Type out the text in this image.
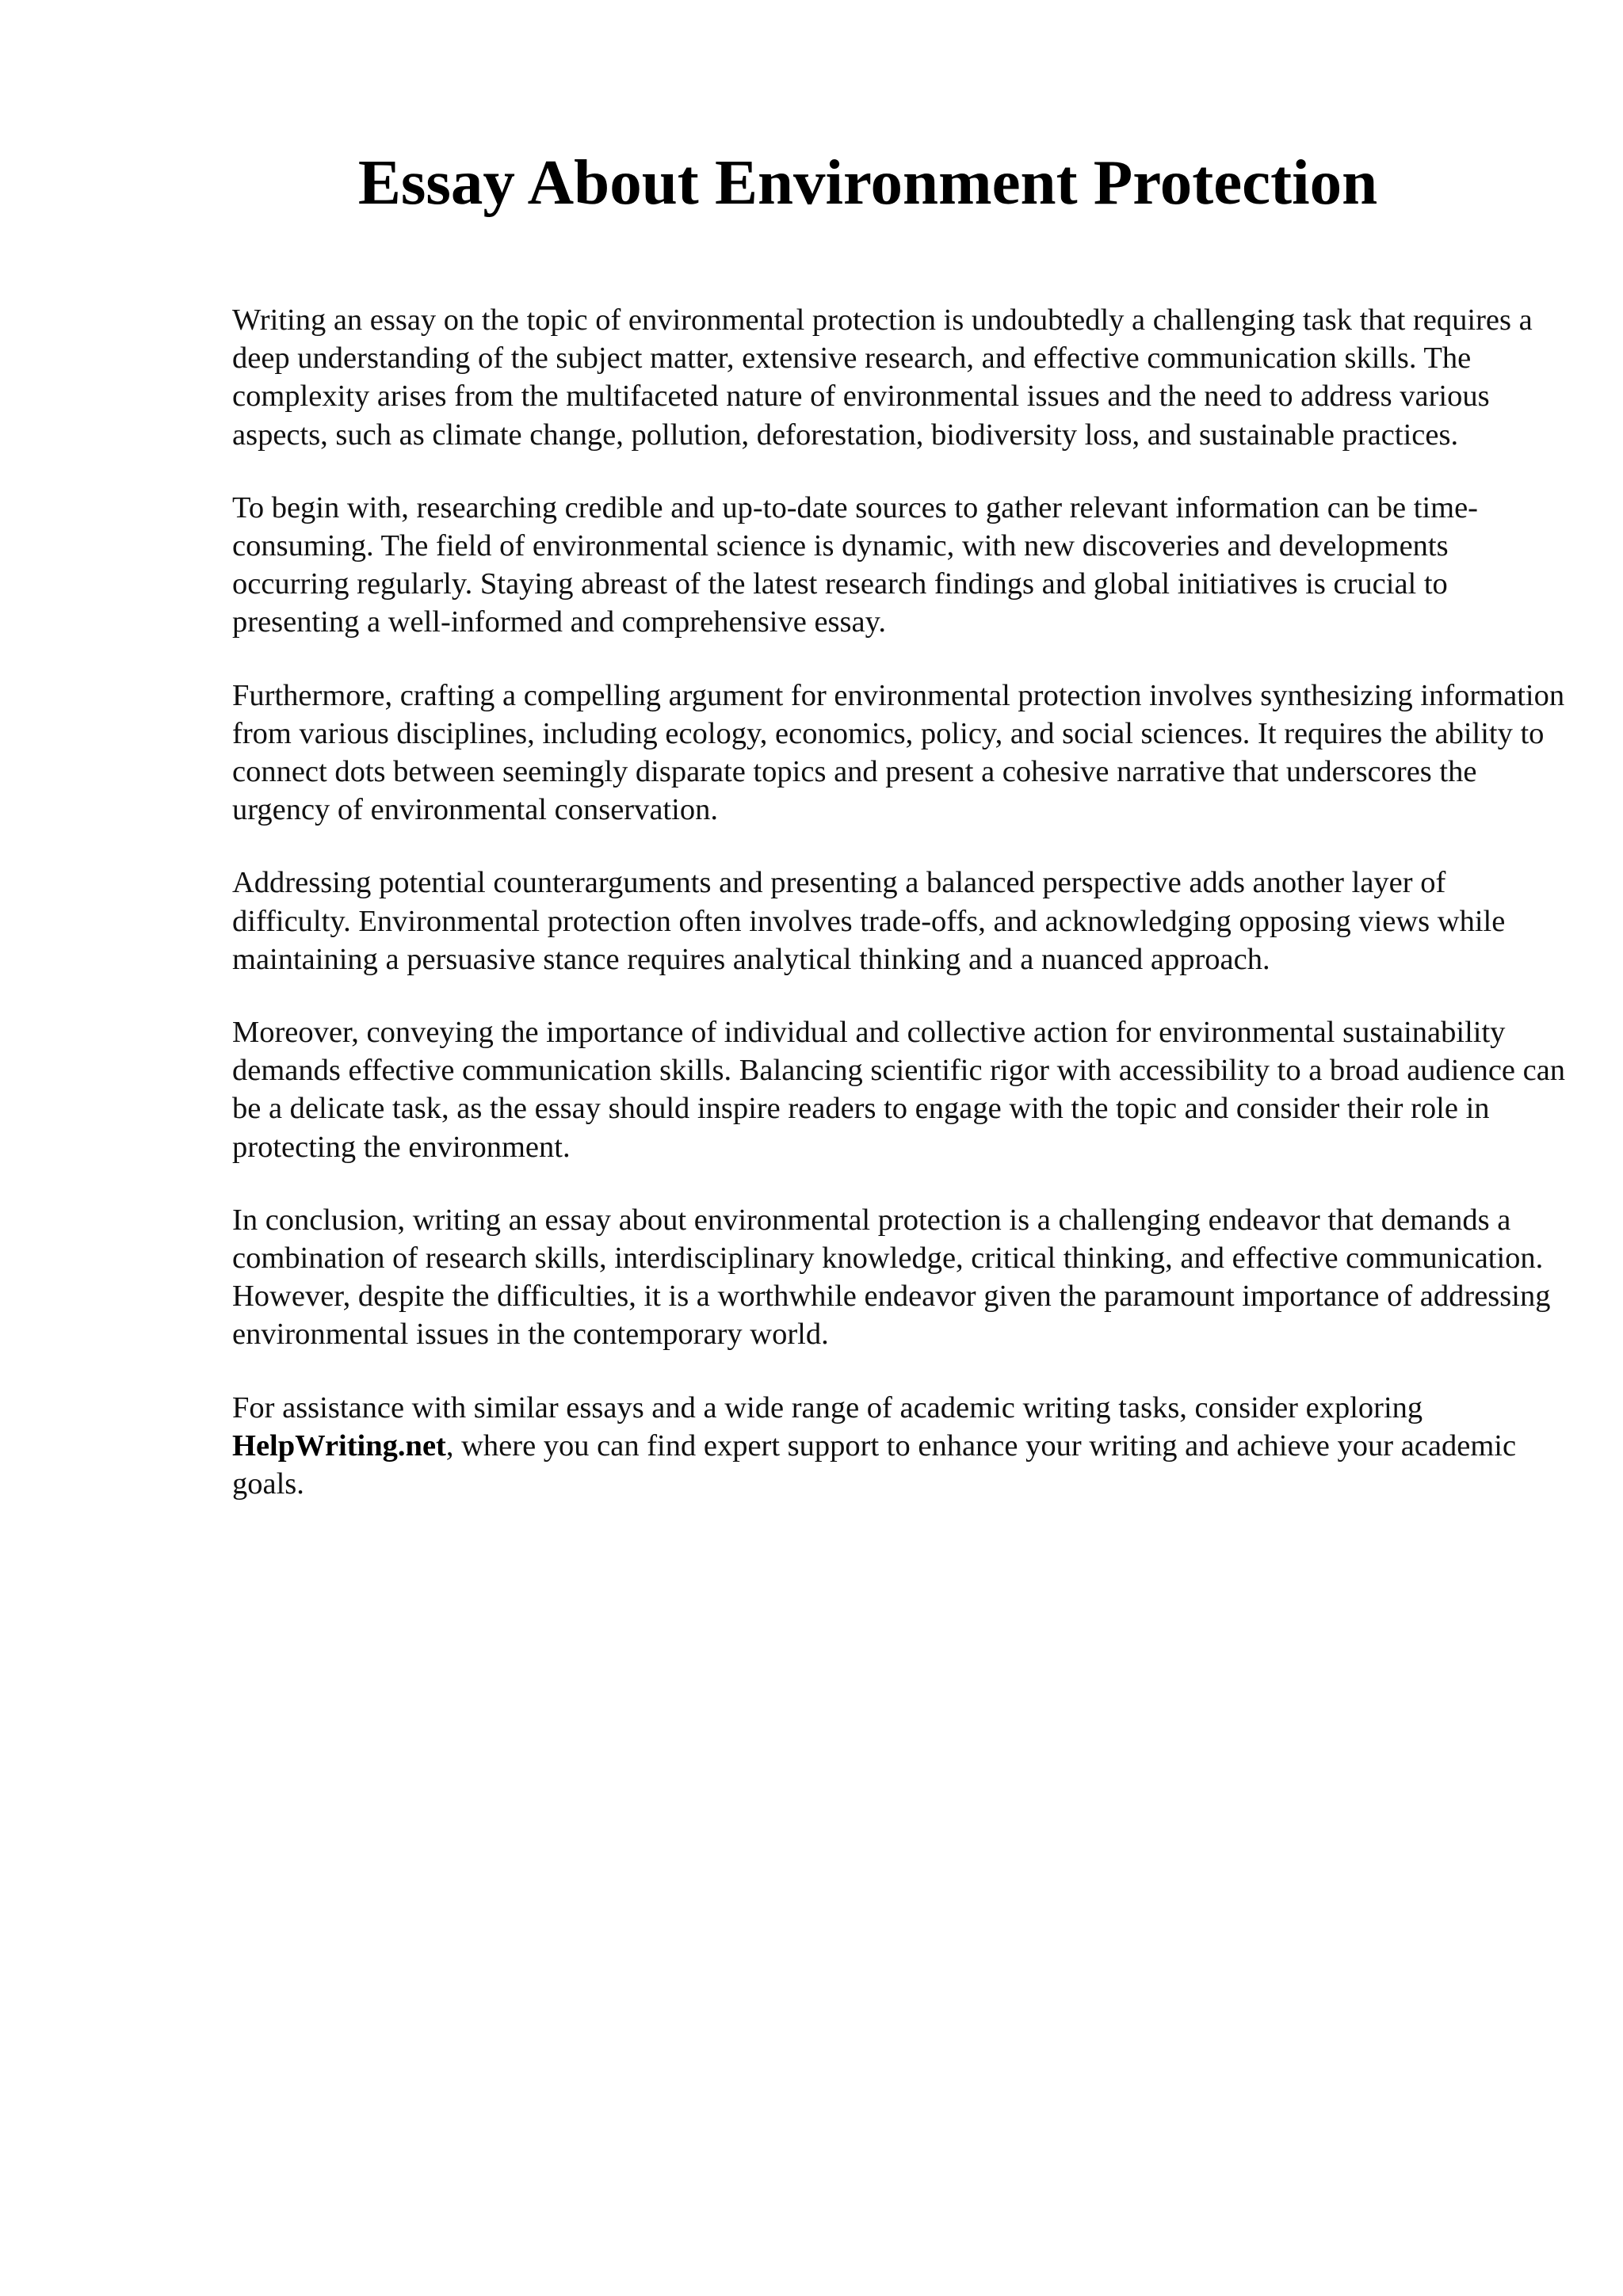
Essay About Environment Protection

Writing an essay on the topic of environmental protection is undoubtedly a challenging task that requires a deep understanding of the subject matter, extensive research, and effective communication skills. The complexity arises from the multifaceted nature of environmental issues and the need to address various aspects, such as climate change, pollution, deforestation, biodiversity loss, and sustainable practices.

To begin with, researching credible and up-to-date sources to gather relevant information can be time-consuming. The field of environmental science is dynamic, with new discoveries and developments occurring regularly. Staying abreast of the latest research findings and global initiatives is crucial to presenting a well-informed and comprehensive essay.

Furthermore, crafting a compelling argument for environmental protection involves synthesizing information from various disciplines, including ecology, economics, policy, and social sciences. It requires the ability to connect dots between seemingly disparate topics and present a cohesive narrative that underscores the urgency of environmental conservation.

Addressing potential counterarguments and presenting a balanced perspective adds another layer of difficulty. Environmental protection often involves trade-offs, and acknowledging opposing views while maintaining a persuasive stance requires analytical thinking and a nuanced approach.

Moreover, conveying the importance of individual and collective action for environmental sustainability demands effective communication skills. Balancing scientific rigor with accessibility to a broad audience can be a delicate task, as the essay should inspire readers to engage with the topic and consider their role in protecting the environment.

In conclusion, writing an essay about environmental protection is a challenging endeavor that demands a combination of research skills, interdisciplinary knowledge, critical thinking, and effective communication. However, despite the difficulties, it is a worthwhile endeavor given the paramount importance of addressing environmental issues in the contemporary world.

For assistance with similar essays and a wide range of academic writing tasks, consider exploring HelpWriting.net, where you can find expert support to enhance your writing and achieve your academic goals.
